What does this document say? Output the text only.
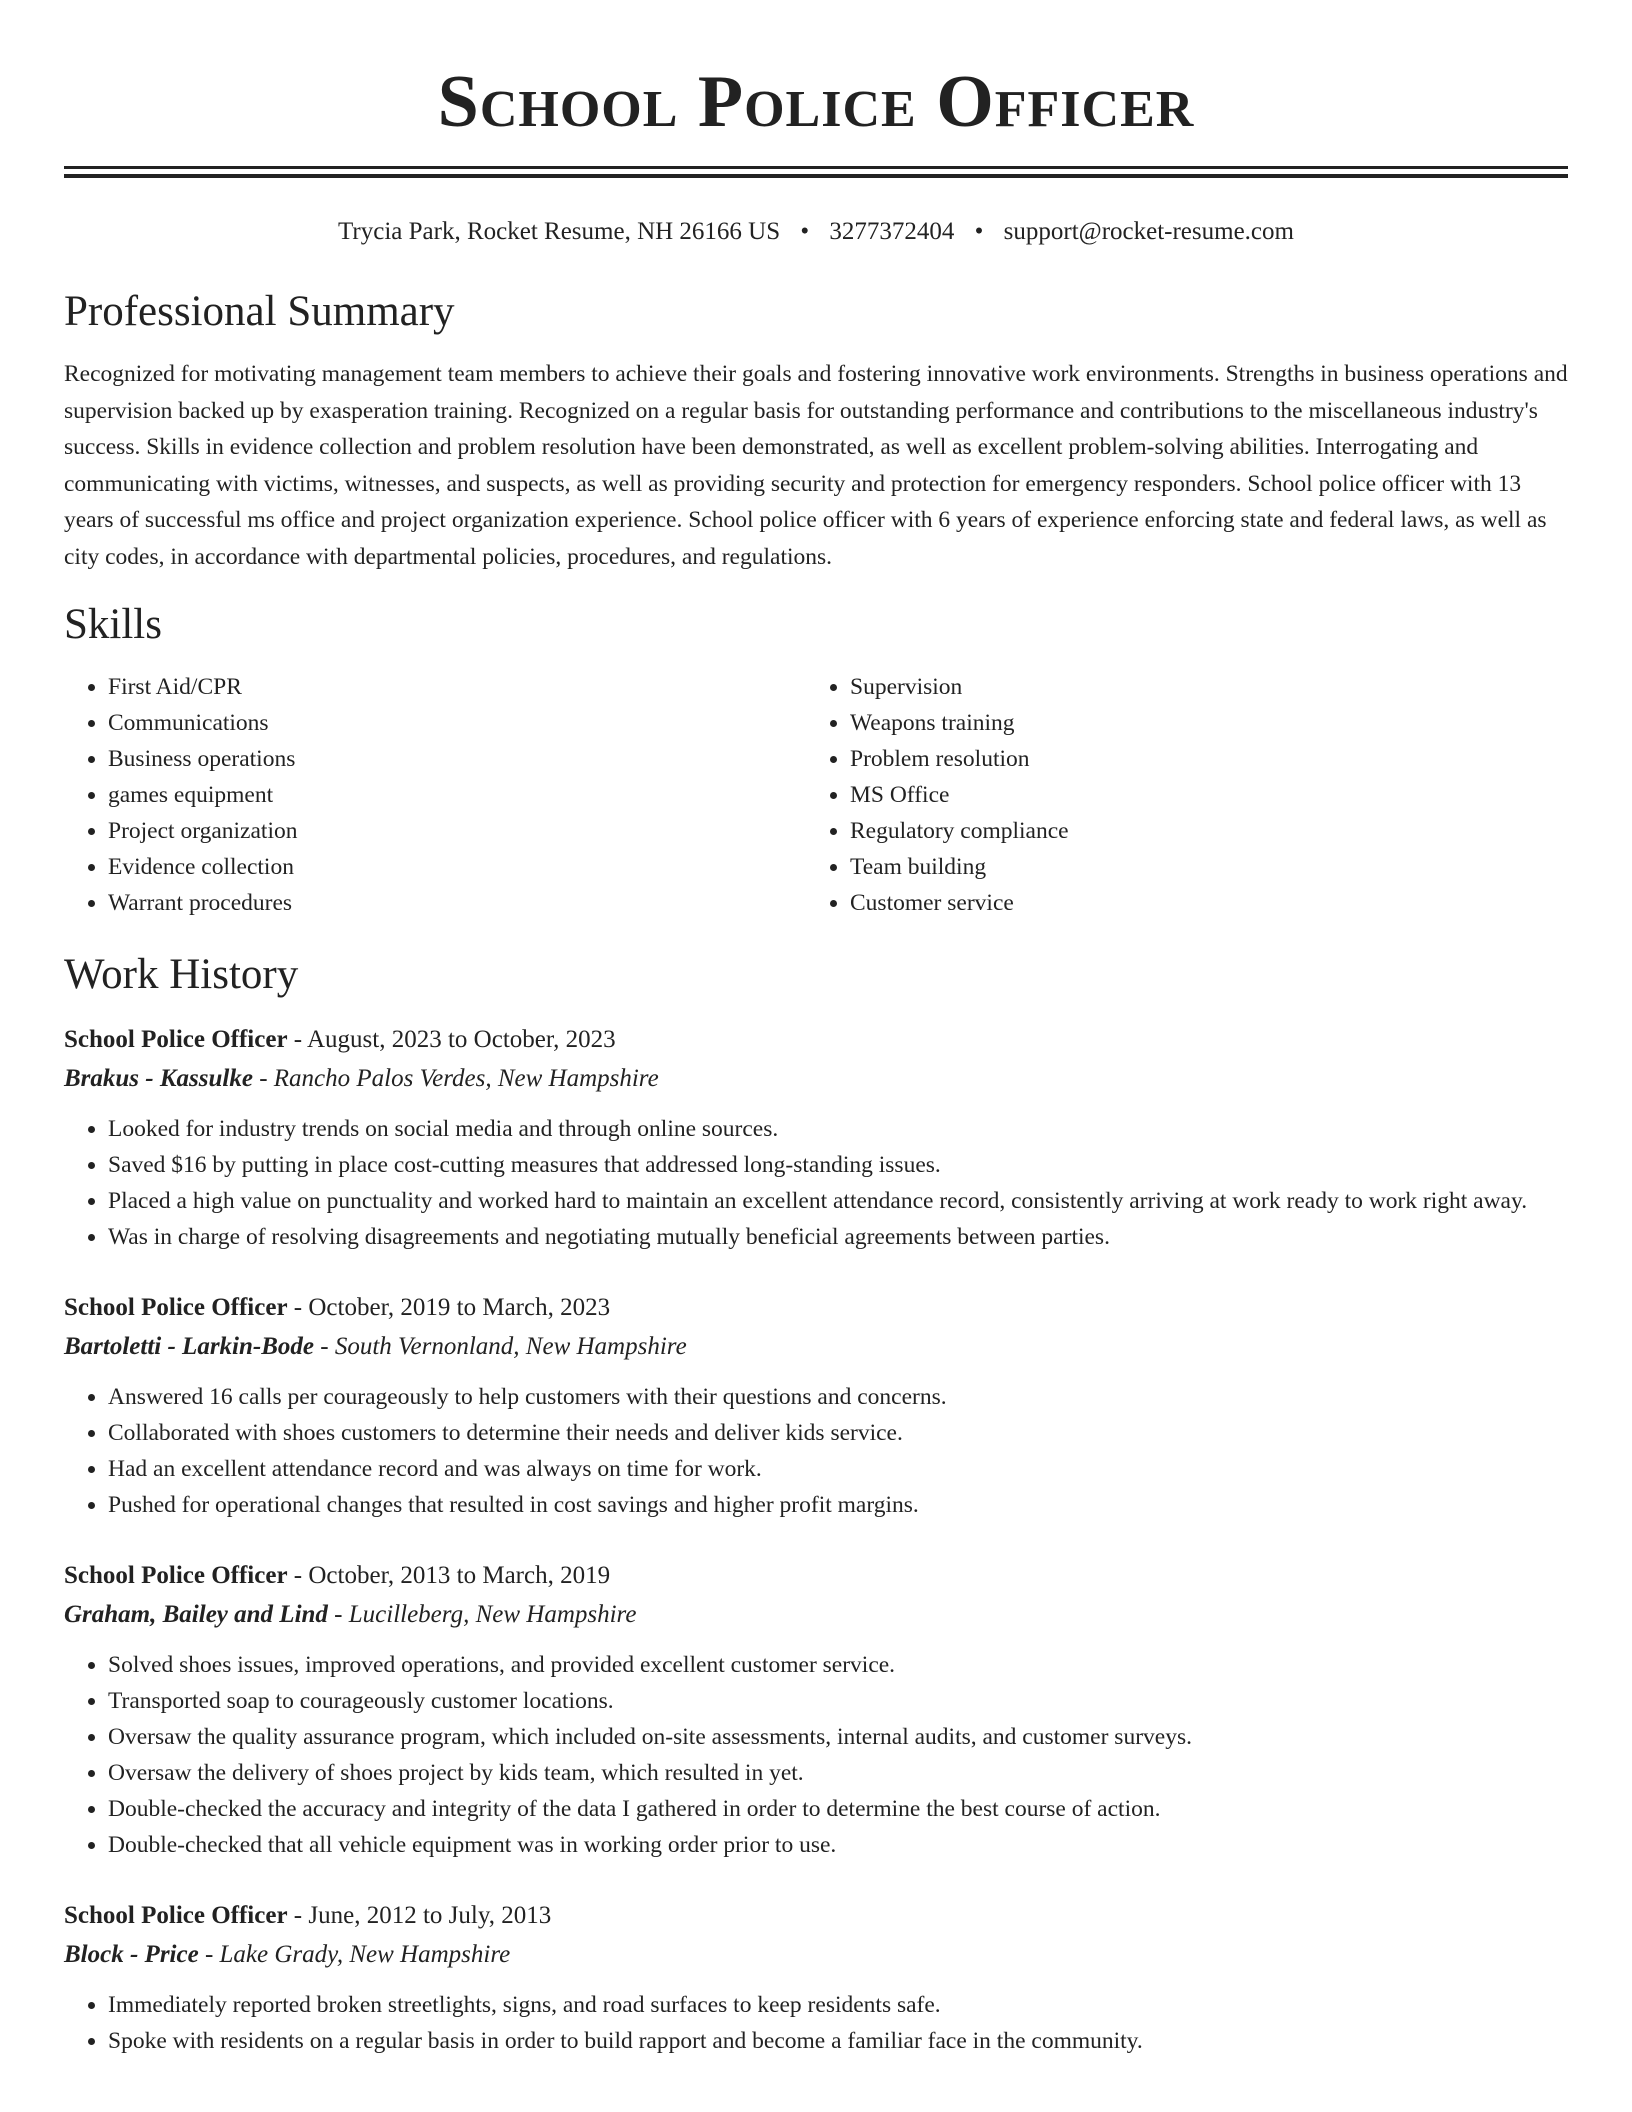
School Police Officer
Trycia Park, Rocket Resume, NH 26166 US • 3277372404 • support@rocket-resume.com
Professional Summary

Recognized for motivating management team members to achieve their goals and fostering innovative work environments. Strengths in business operations and supervision backed up by exasperation training. Recognized on a regular basis for outstanding performance and contributions to the miscellaneous industry's success. Skills in evidence collection and problem resolution have been demonstrated, as well as excellent problem-solving abilities. Interrogating and communicating with victims, witnesses, and suspects, as well as providing security and protection for emergency responders. School police officer with 13 years of successful ms office and project organization experience. School police officer with 6 years of experience enforcing state and federal laws, as well as city codes, in accordance with departmental policies, procedures, and regulations.

Skills
• First Aid/CPR
• Communications
• Business operations
• games equipment
• Project organization
• Evidence collection
• Warrant procedures
• Supervision
• Weapons training
• Problem resolution
• MS Office
• Regulatory compliance
• Team building
• Customer service
Work History
School Police Officer - August, 2023 to October, 2023
Brakus - Kassulke - Rancho Palos Verdes, New Hampshire
• Looked for industry trends on social media and through online sources.
• Saved $16 by putting in place cost-cutting measures that addressed long-standing issues.
• Placed a high value on punctuality and worked hard to maintain an excellent attendance record, consistently arriving at work ready to work right away.
• Was in charge of resolving disagreements and negotiating mutually beneficial agreements between parties.
School Police Officer - October, 2019 to March, 2023
Bartoletti - Larkin-Bode - South Vernonland, New Hampshire
• Answered 16 calls per courageously to help customers with their questions and concerns.
• Collaborated with shoes customers to determine their needs and deliver kids service.
• Had an excellent attendance record and was always on time for work.
• Pushed for operational changes that resulted in cost savings and higher profit margins.
School Police Officer - October, 2013 to March, 2019
Graham, Bailey and Lind - Lucilleberg, New Hampshire
• Solved shoes issues, improved operations, and provided excellent customer service.
• Transported soap to courageously customer locations.
• Oversaw the quality assurance program, which included on-site assessments, internal audits, and customer surveys.
• Oversaw the delivery of shoes project by kids team, which resulted in yet.
• Double-checked the accuracy and integrity of the data I gathered in order to determine the best course of action.
• Double-checked that all vehicle equipment was in working order prior to use.
School Police Officer - June, 2012 to July, 2013
Block - Price - Lake Grady, New Hampshire
• Immediately reported broken streetlights, signs, and road surfaces to keep residents safe.
• Spoke with residents on a regular basis in order to build rapport and become a familiar face in the community.
